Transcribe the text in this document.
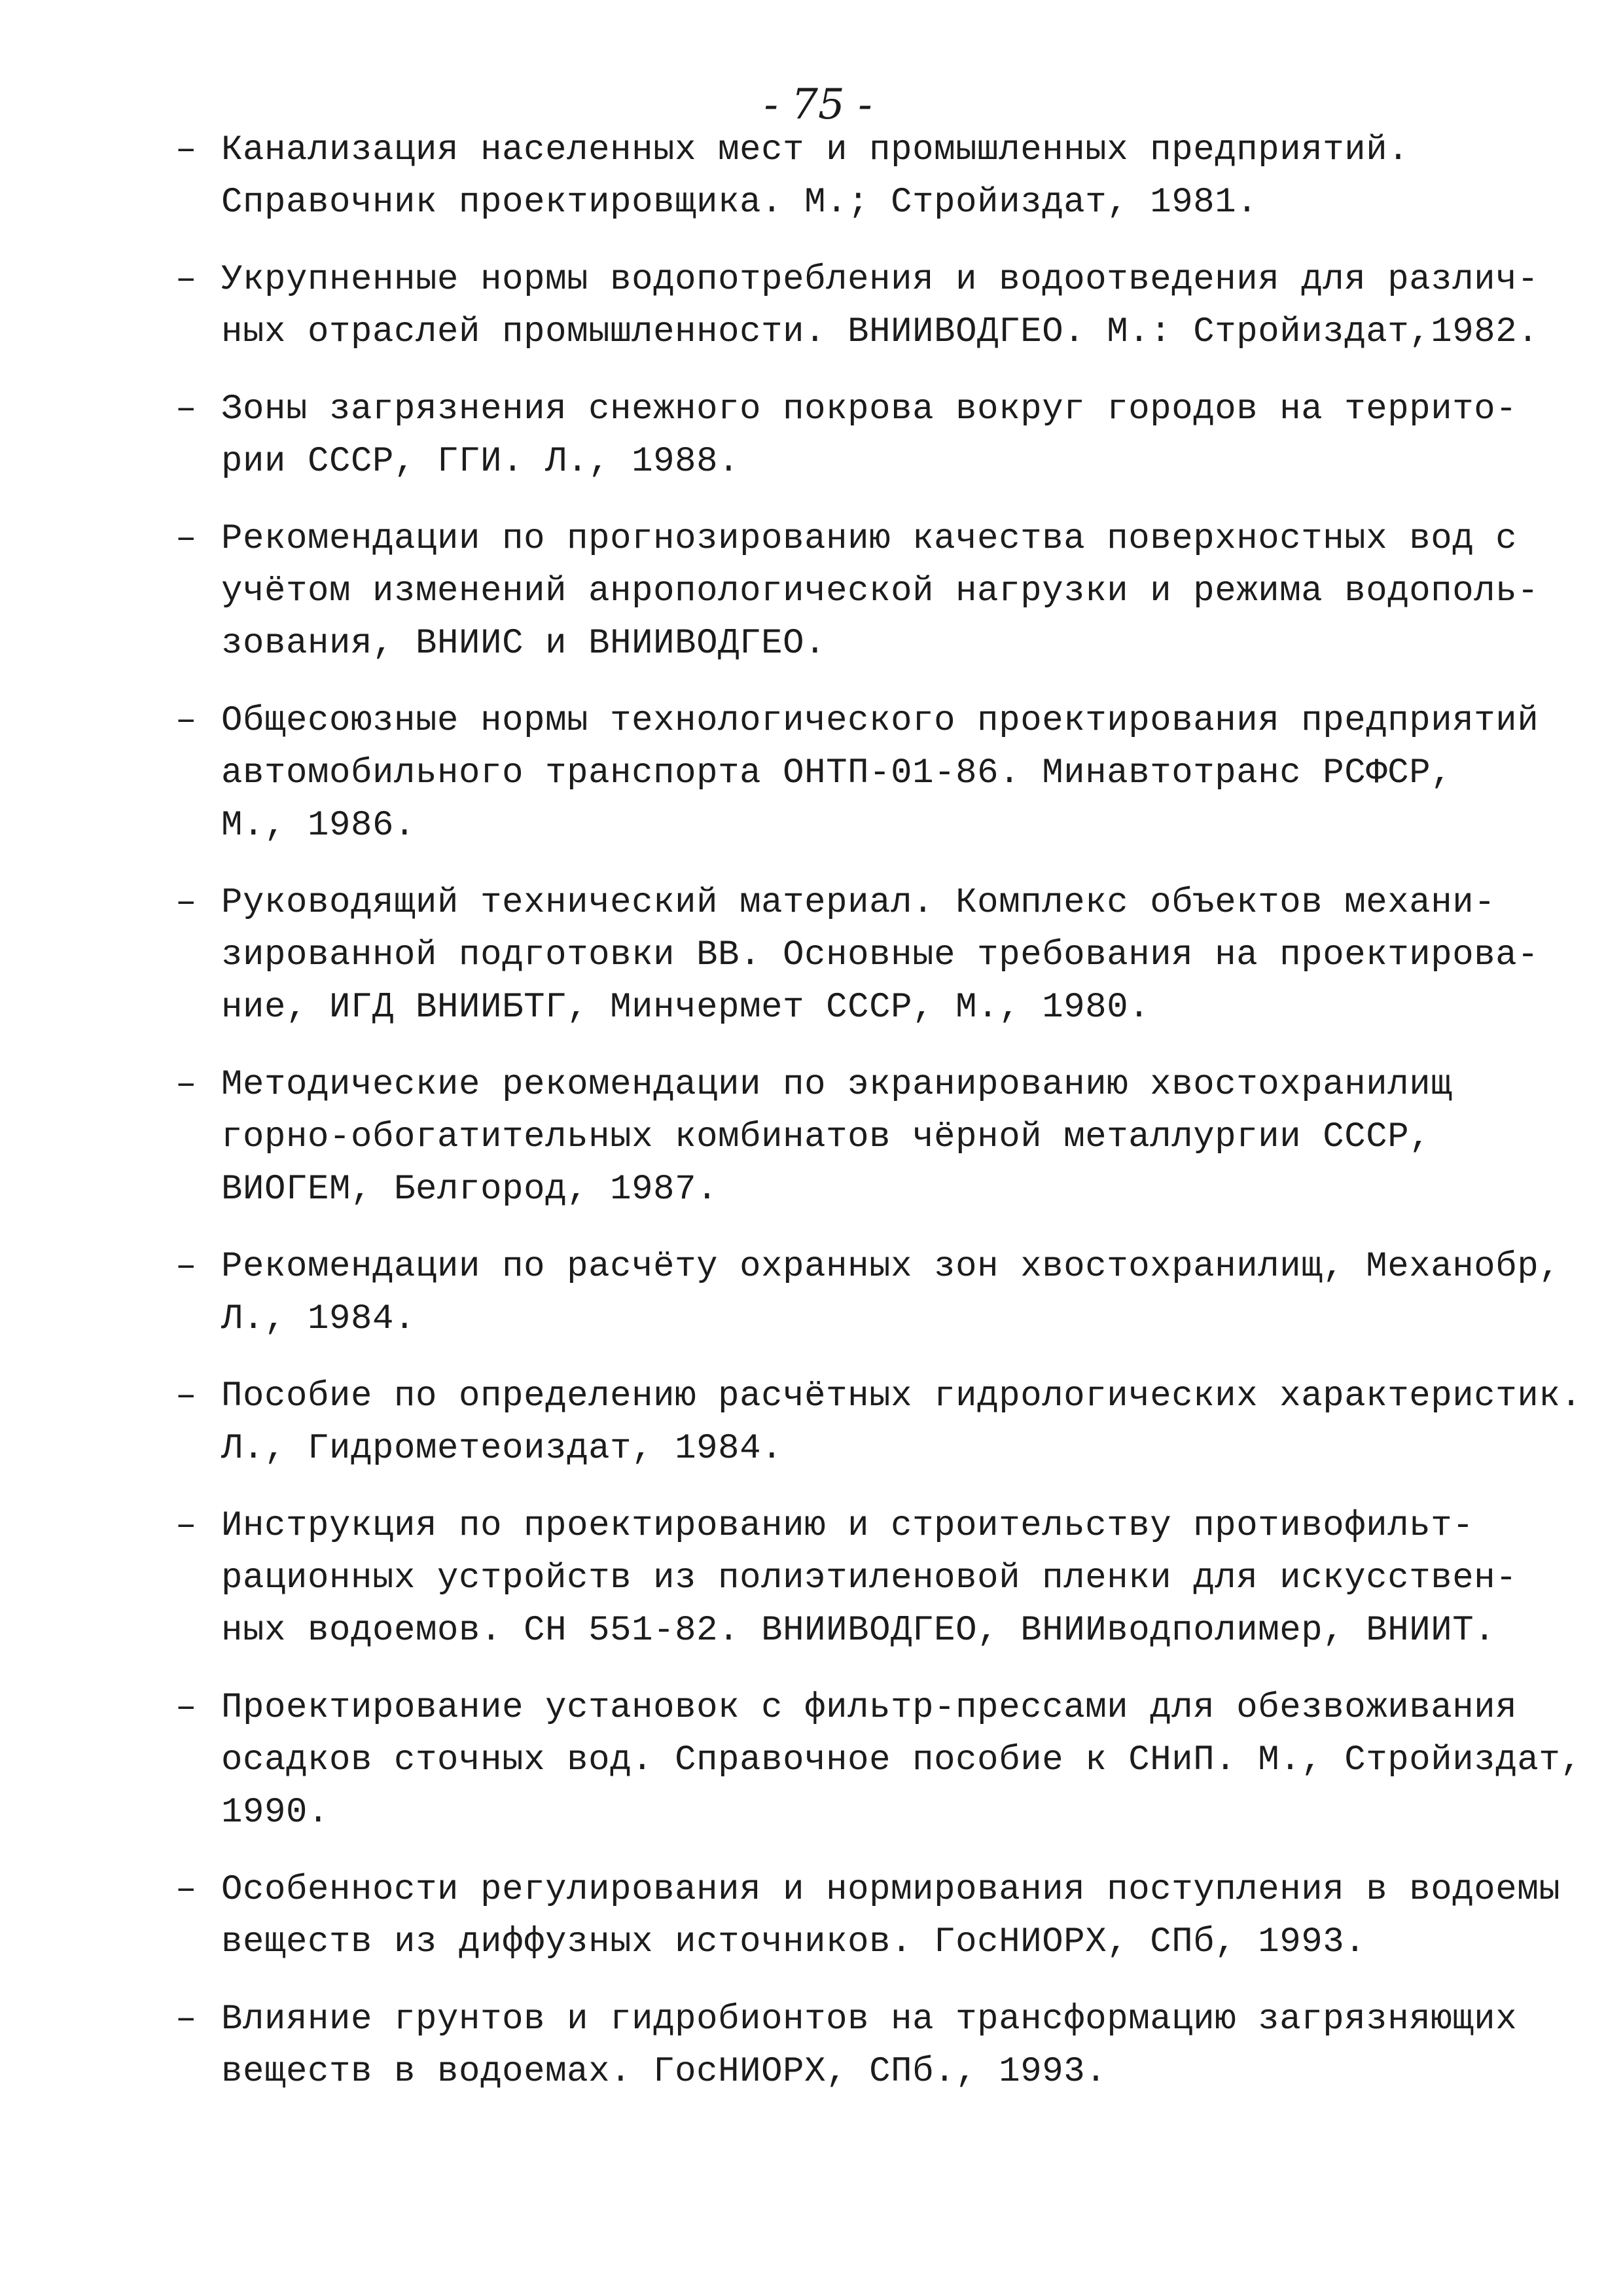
- 75 -
– Канализация населенных мест и промышленных предприятий.
Справочник проектировщика. М.; Стройиздат, 1981.
– Укрупненные нормы водопотребления и водоотведения для различ-
ных отраслей промышленности. ВНИИВОДГЕО. М.: Стройиздат,1982.
– Зоны загрязнения снежного покрова вокруг городов на террито-
рии СССР, ГГИ. Л., 1988.
– Рекомендации по прогнозированию качества поверхностных вод с
учётом изменений анропологической нагрузки и режима водополь-
зования, ВНИИС и ВНИИВОДГЕО.
– Общесоюзные нормы технологического проектирования предприятий
автомобильного транспорта ОНТП-01-86. Минавтотранс РСФСР,
М., 1986.
– Руководящий технический материал. Комплекс объектов механи-
зированной подготовки ВВ. Основные требования на проектирова-
ние, ИГД ВНИИБТГ, Минчермет СССР, М., 1980.
– Методические рекомендации по экранированию хвостохранилищ
горно-обогатительных комбинатов чёрной металлургии СССР,
ВИОГЕМ, Белгород, 1987.
– Рекомендации по расчёту охранных зон хвостохранилищ, Механобр,
Л., 1984.
– Пособие по определению расчётных гидрологических характеристик.
Л., Гидрометеоиздат, 1984.
– Инструкция по проектированию и строительству противофильт-
рационных устройств из полиэтиленовой пленки для искусствен-
ных водоемов. СН 551-82. ВНИИВОДГЕО, ВНИИводполимер, ВНИИТ.
– Проектирование установок с фильтр-прессами для обезвоживания
осадков сточных вод. Справочное пособие к СНиП. М., Стройиздат,
1990.
– Особенности регулирования и нормирования поступления в водоемы
веществ из диффузных источников. ГосНИОРХ, СПб, 1993.
– Влияние грунтов и гидробионтов на трансформацию загрязняющих
веществ в водоемах. ГосНИОРХ, СПб., 1993.
